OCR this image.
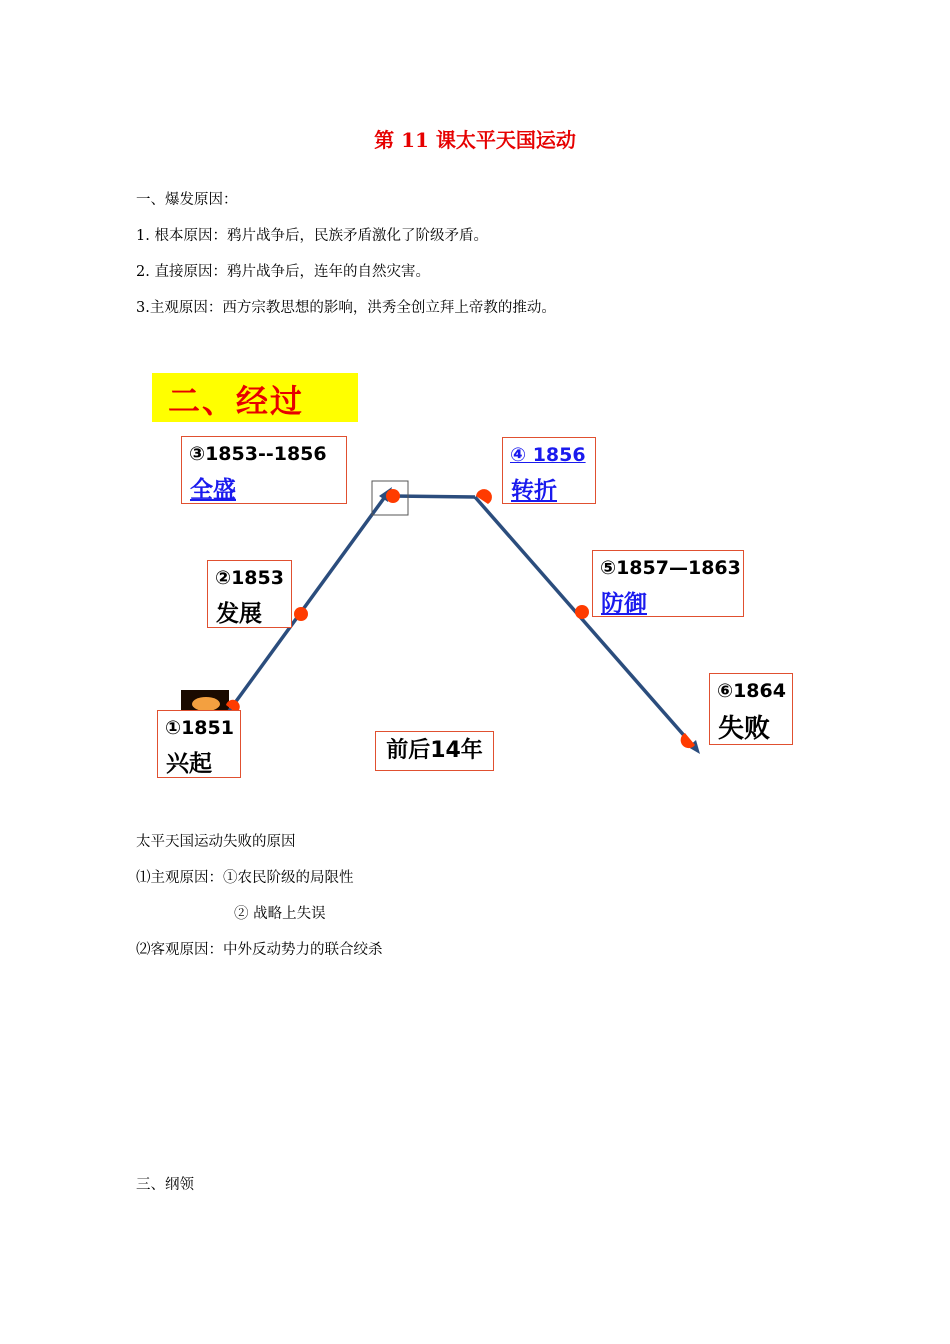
第 11 课太平天国运动
一、爆发原因：
1. 根本原因：鸦片战争后，民族矛盾激化了阶级矛盾。
2. 直接原因：鸦片战争后，连年的自然灾害。
3.主观原因：西方宗教思想的影响，洪秀全创立拜上帝教的推动。
二、经过
③1853--1856
全盛
④ 1856
转折
②1853
发展
⑤1857—1863
防御
⑥1864
失败
①1851
兴起
前后14年
太平天国运动失败的原因
⑴主观原因：①农民阶级的局限性
② 战略上失误
⑵客观原因：中外反动势力的联合绞杀
三、纲领
